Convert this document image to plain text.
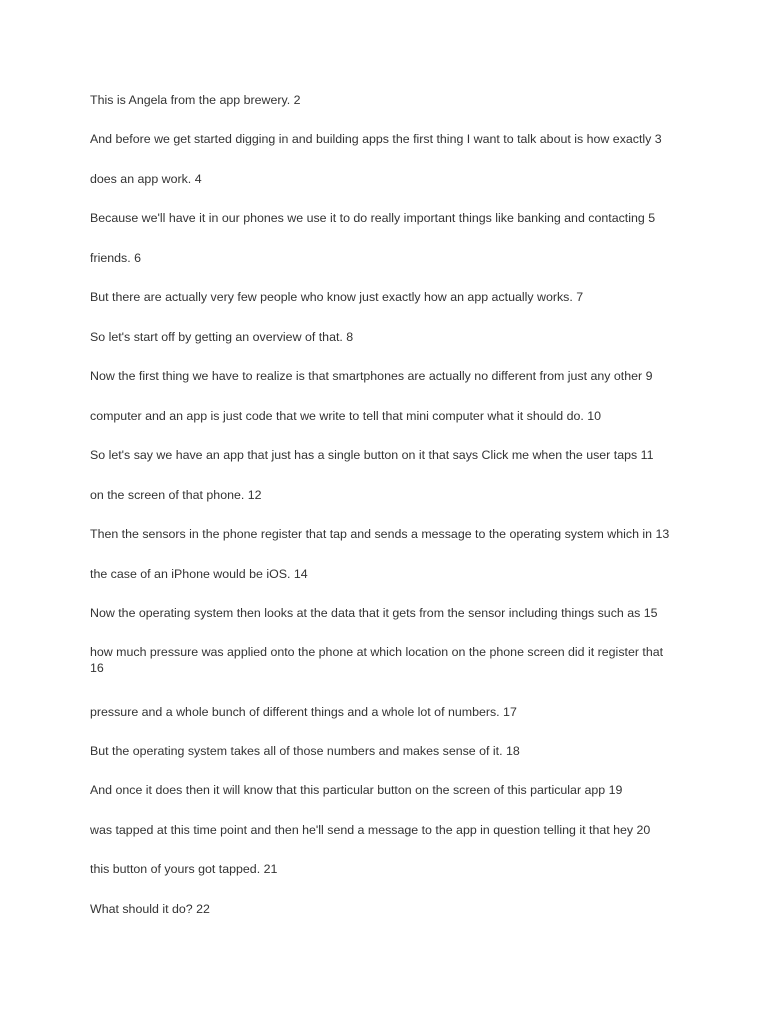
This is Angela from the app brewery. 2
And before we get started digging in and building apps the first thing I want to talk about is how exactly 3
does an app work. 4
Because we'll have it in our phones we use it to do really important things like banking and contacting 5
friends. 6
But there are actually very few people who know just exactly how an app actually works. 7
So let's start off by getting an overview of that. 8
Now the first thing we have to realize is that smartphones are actually no different from just any other 9
computer and an app is just code that we write to tell that mini computer what it should do. 10
So let's say we have an app that just has a single button on it that says Click me when the user taps 11
on the screen of that phone. 12
Then the sensors in the phone register that tap and sends a message to the operating system which in 13
the case of an iPhone would be iOS. 14
Now the operating system then looks at the data that it gets from the sensor including things such as 15
how much pressure was applied onto the phone at which location on the phone screen did it register that 16
pressure and a whole bunch of different things and a whole lot of numbers. 17
But the operating system takes all of those numbers and makes sense of it. 18
And once it does then it will know that this particular button on the screen of this particular app 19
was tapped at this time point and then he'll send a message to the app in question telling it that hey 20
this button of yours got tapped. 21
What should it do? 22
